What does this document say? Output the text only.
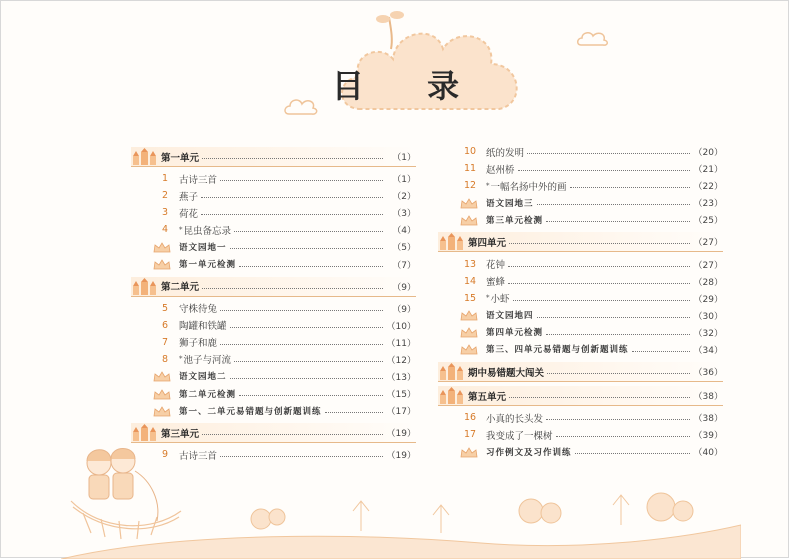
目 录
第一单元	（1）
1	古诗三首	（1）
2	燕子	（2）
3	荷花	（3）
4	* 昆虫备忘录	（4）
语文园地一	（5）
第一单元检测	（7）
第二单元	（9）
5	守株待兔	（9）
6	陶罐和铁罐	（10）
7	狮子和鹿	（11）
8	* 池子与河流	（12）
语文园地二	（13）
第二单元检测	（15）
第一、二单元易错题与创新题训练	（17）
第三单元	（19）
9	古诗三首	（19）
10 纸的发明	（20）
11 赵州桥	（21）
12 * 一幅名扬中外的画	（22）
语文园地三	（23）
第三单元检测	（25）
第四单元	（27）
13 花钟	（27）
14 蜜蜂	（28）
15 * 小虾	（29）
语文园地四	（30）
第四单元检测	（32）
第三、四单元易错题与创新题训练	（34）
期中易错题大闯关	（36）
第五单元	（38）
16 小真的长头发	（38）
17 我变成了一棵树	（39）
习作例文及习作训练	（40）
